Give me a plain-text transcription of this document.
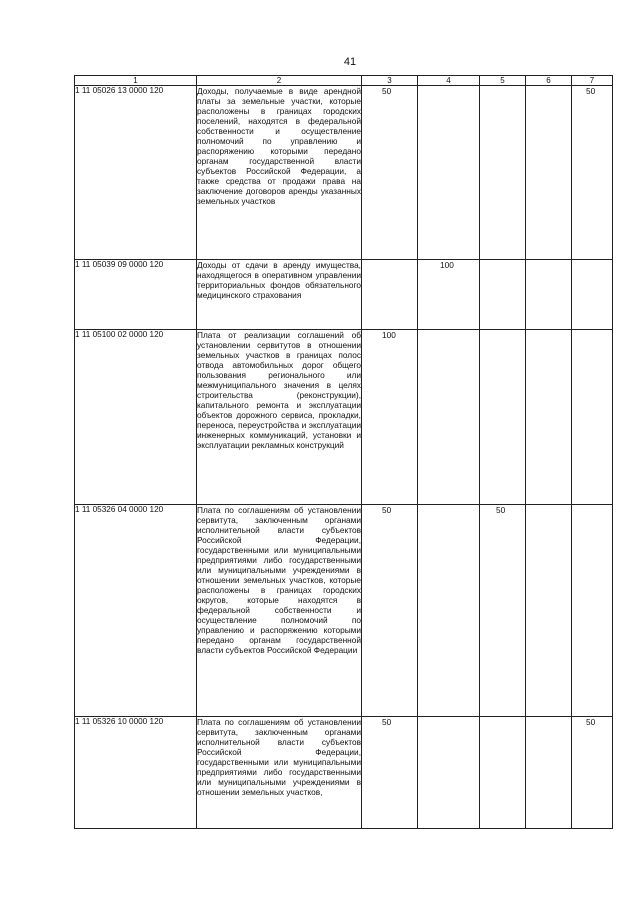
41
1	2	3	4	5	6	7
1 11 05026 13 0000 120	Доходы, получаемые в виде арендной платы за земельные участки, которые расположены в границах городских поселений, находятся в федеральной собственности и осуществление полномочий по управлению и распоряжению которыми передано органам государственной власти субъектов Российской Федерации, а также средства от продажи права на заключение договоров аренды указанных земельных участков	50				50
1 11 05039 09 0000 120	Доходы от сдачи в аренду имущества, находящегося в оперативном управлении территориальных фондов обязательного медицинского страхования		100			
1 11 05100 02 0000 120	Плата от реализации соглашений об установлении сервитутов в отношении земельных участков в границах полос отвода автомобильных дорог общего пользования регионального или межмуниципального значения в целях строительства (реконструкции), капитального ремонта и эксплуатации объектов дорожного сервиса, прокладки, переноса, переустройства и эксплуатации инженерных коммуникаций, установки и эксплуатации рекламных конструкций	100				
1 11 05326 04 0000 120	Плата по соглашениям об установлении сервитута, заключенным органами исполнительной власти субъектов Российской Федерации, государственными или муниципальными предприятиями либо государственными или муниципальными учреждениями в отношении земельных участков, которые расположены в границах городских округов, которые находятся в федеральной собственности и осуществление полномочий по управлению и распоряжению которыми передано органам государственной власти субъектов Российской Федерации	50		50		
1 11 05326 10 0000 120	Плата по соглашениям об установлении сервитута, заключенным органами исполнительной власти субъектов Российской Федерации, государственными или муниципальными предприятиями либо государственными или муниципальными учреждениями в отношении земельных участков,	50				50
